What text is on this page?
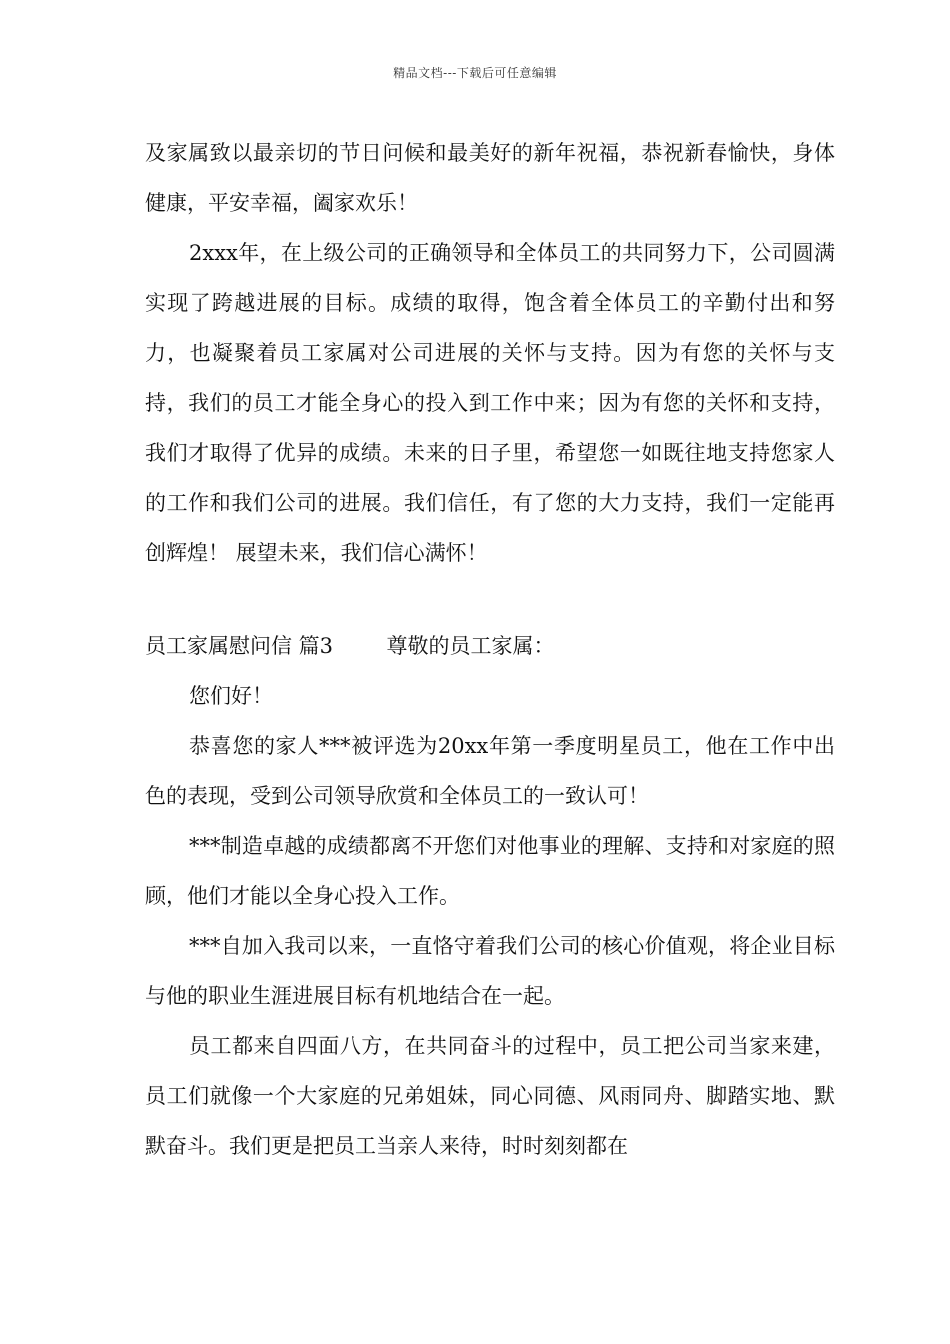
精品文档---下载后可任意编辑

及家属致以最亲切的节日问候和最美好的新年祝福，恭祝新春愉快，身体健康，平安幸福，阖家欢乐！

2xxx年，在上级公司的正确领导和全体员工的共同努力下，公司圆满实现了跨越进展的目标。成绩的取得，饱含着全体员工的辛勤付出和努力，也凝聚着员工家属对公司进展的关怀与支持。因为有您的关怀与支持，我们的员工才能全身心的投入到工作中来；因为有您的关怀和支持，我们才取得了优异的成绩。未来的日子里，希望您一如既往地支持您家人的工作和我们公司的进展。我们信任，有了您的大力支持，我们一定能再创辉煌！ 展望未来，我们信心满怀！

员工家属慰问信 篇3	尊敬的员工家属：

您们好！

恭喜您的家人***被评选为20xx年第一季度明星员工，他在工作中出色的表现，受到公司领导欣赏和全体员工的一致认可！

***制造卓越的成绩都离不开您们对他事业的理解、支持和对家庭的照顾，他们才能以全身心投入工作。

***自加入我司以来，一直恪守着我们公司的核心价值观，将企业目标与他的职业生涯进展目标有机地结合在一起。

员工都来自四面八方，在共同奋斗的过程中，员工把公司当家来建，员工们就像一个大家庭的兄弟姐妹，同心同德、风雨同舟、脚踏实地、默默奋斗。我们更是把员工当亲人来待，时时刻刻都在
